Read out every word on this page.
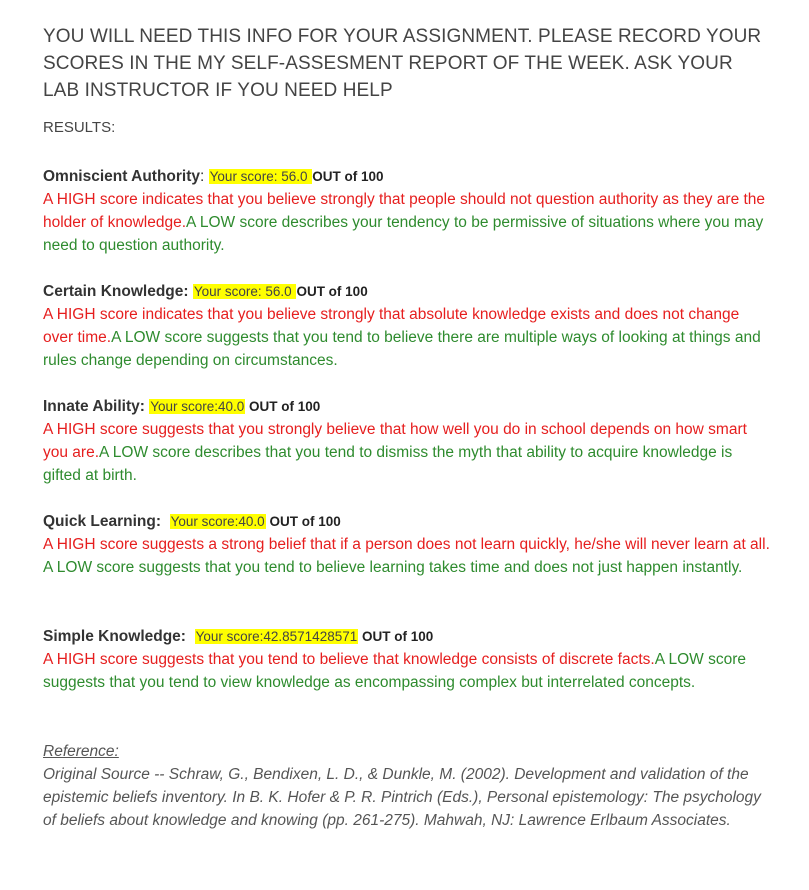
YOU WILL NEED THIS INFO FOR YOUR ASSIGNMENT. PLEASE RECORD YOUR SCORES IN THE MY SELF-ASSESMENT REPORT OF THE WEEK. ASK YOUR LAB INSTRUCTOR IF YOU NEED HELP
RESULTS:
Omniscient Authority: Your score: 56.0 OUT of 100
A HIGH score indicates that you believe strongly that people should not question authority as they are the holder of knowledge.A LOW score describes your tendency to be permissive of situations where you may need to question authority.
Certain Knowledge: Your score: 56.0 OUT of 100
A HIGH score indicates that you believe strongly that absolute knowledge exists and does not change over time.A LOW score suggests that you tend to believe there are multiple ways of looking at things and rules change depending on circumstances.
Innate Ability: Your score:40.0 OUT of 100
A HIGH score suggests that you strongly believe that how well you do in school depends on how smart you are.A LOW score describes that you tend to dismiss the myth that ability to acquire knowledge is gifted at birth.
Quick Learning: Your score:40.0 OUT of 100
A HIGH score suggests a strong belief that if a person does not learn quickly, he/she will never learn at all. A LOW score suggests that you tend to believe learning takes time and does not just happen instantly.
Simple Knowledge: Your score:42.8571428571 OUT of 100
A HIGH score suggests that you tend to believe that knowledge consists of discrete facts.A LOW score suggests that you tend to view knowledge as encompassing complex but interrelated concepts.
Reference:
Original Source -- Schraw, G., Bendixen, L. D., & Dunkle, M. (2002). Development and validation of the epistemic beliefs inventory. In B. K. Hofer & P. R. Pintrich (Eds.), Personal epistemology: The psychology of beliefs about knowledge and knowing (pp. 261-275). Mahwah, NJ: Lawrence Erlbaum Associates.
